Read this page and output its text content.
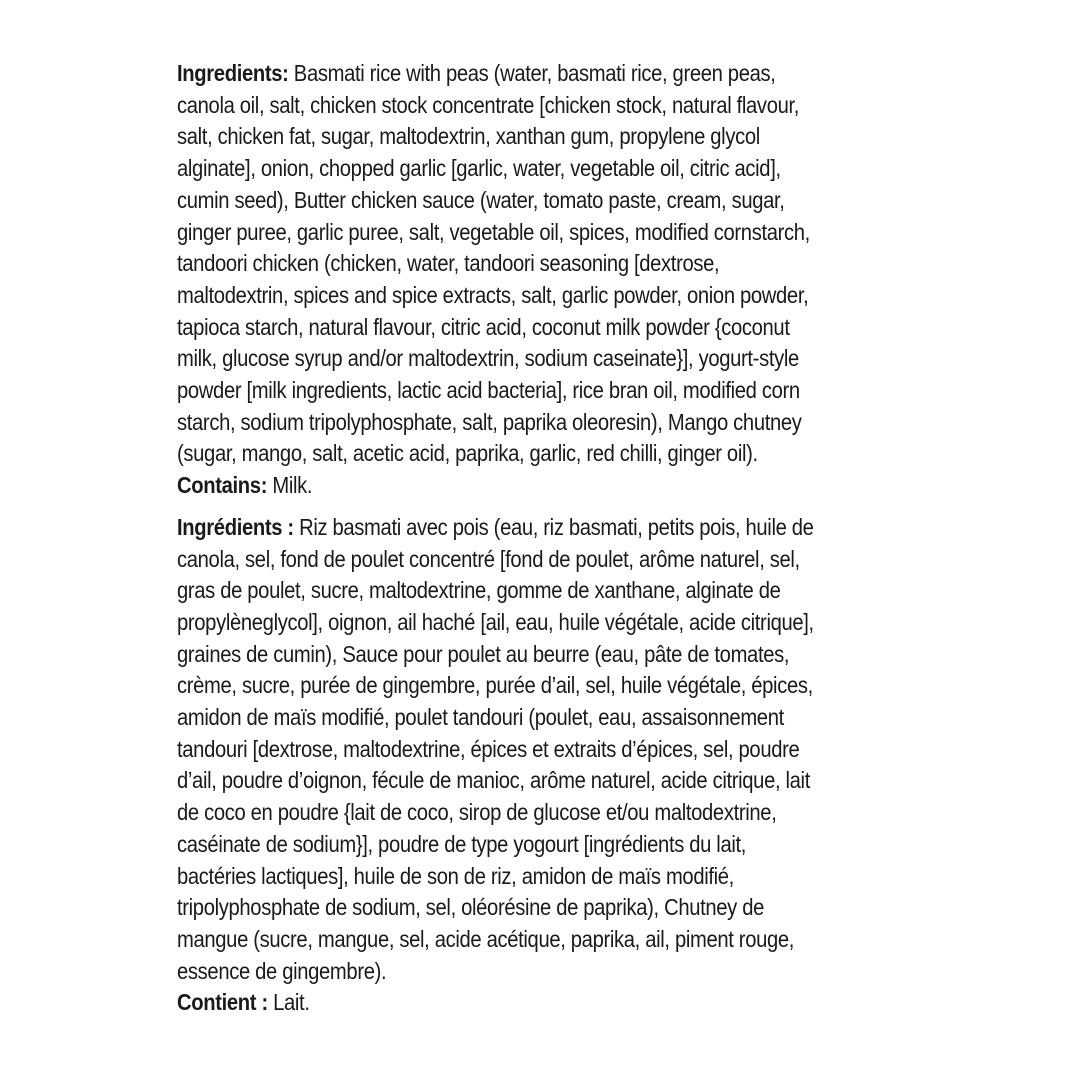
Ingredients: Basmati rice with peas (water, basmati rice, green peas,
canola oil, salt, chicken stock concentrate [chicken stock, natural flavour,
salt, chicken fat, sugar, maltodextrin, xanthan gum, propylene glycol
alginate], onion, chopped garlic [garlic, water, vegetable oil, citric acid],
cumin seed), Butter chicken sauce (water, tomato paste, cream, sugar,
ginger puree, garlic puree, salt, vegetable oil, spices, modified cornstarch,
tandoori chicken (chicken, water, tandoori seasoning [dextrose,
maltodextrin, spices and spice extracts, salt, garlic powder, onion powder,
tapioca starch, natural flavour, citric acid, coconut milk powder {coconut
milk, glucose syrup and/or maltodextrin, sodium caseinate}], yogurt-style
powder [milk ingredients, lactic acid bacteria], rice bran oil, modified corn
starch, sodium tripolyphosphate, salt, paprika oleoresin), Mango chutney
(sugar, mango, salt, acetic acid, paprika, garlic, red chilli, ginger oil).
Contains: Milk.
Ingrédients : Riz basmati avec pois (eau, riz basmati, petits pois, huile de
canola, sel, fond de poulet concentré [fond de poulet, arôme naturel, sel,
gras de poulet, sucre, maltodextrine, gomme de xanthane, alginate de
propylèneglycol], oignon, ail haché [ail, eau, huile végétale, acide citrique],
graines de cumin), Sauce pour poulet au beurre (eau, pâte de tomates,
crème, sucre, purée de gingembre, purée d’ail, sel, huile végétale, épices,
amidon de maïs modifié, poulet tandouri (poulet, eau, assaisonnement
tandouri [dextrose, maltodextrine, épices et extraits d’épices, sel, poudre
d’ail, poudre d’oignon, fécule de manioc, arôme naturel, acide citrique, lait
de coco en poudre {lait de coco, sirop de glucose et/ou maltodextrine,
caséinate de sodium}], poudre de type yogourt [ingrédients du lait,
bactéries lactiques], huile de son de riz, amidon de maïs modifié,
tripolyphosphate de sodium, sel, oléorésine de paprika), Chutney de
mangue (sucre, mangue, sel, acide acétique, paprika, ail, piment rouge,
essence de gingembre).
Contient : Lait.
